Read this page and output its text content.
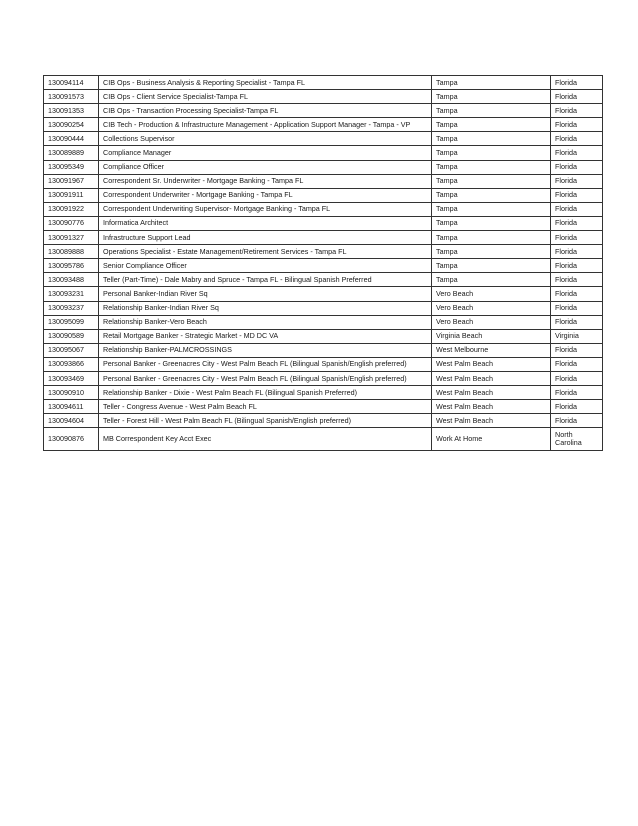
130094114	CIB Ops - Business Analysis & Reporting Specialist - Tampa FL	Tampa		Florida
130091573	CIB Ops - Client Service Specialist-Tampa FL	Tampa		Florida
130091353	CIB Ops - Transaction Processing Specialist-Tampa FL	Tampa		Florida
130090254	CIB Tech - Production & Infrastructure Management - Application Support Manager - Tampa - VP	Tampa		Florida
130090444	Collections Supervisor	Tampa		Florida
130089889	Compliance Manager	Tampa		Florida
130095349	Compliance Officer	Tampa		Florida
130091967	Correspondent Sr. Underwriter - Mortgage Banking - Tampa FL	Tampa		Florida
130091911	Correspondent Underwriter - Mortgage Banking - Tampa FL	Tampa		Florida
130091922	Correspondent Underwriting Supervisor- Mortgage Banking - Tampa FL	Tampa		Florida
130090776	Informatica Architect	Tampa		Florida
130091327	Infrastructure Support Lead	Tampa		Florida
130089888	Operations Specialist - Estate Management/Retirement Services - Tampa FL	Tampa		Florida
130095786	Senior Compliance Officer	Tampa		Florida
130093488	Teller (Part-Time) - Dale Mabry and Spruce - Tampa FL - Bilingual Spanish Preferred	Tampa		Florida
130093231	Personal Banker-Indian River Sq	Vero Beach		Florida
130093237	Relationship Banker-Indian River Sq	Vero Beach		Florida
130095099	Relationship Banker-Vero Beach	Vero Beach		Florida
130090589	Retail Mortgage Banker - Strategic Market - MD DC VA	Virginia Beach		Virginia
130095067	Relationship Banker-PALMCROSSINGS	West Melbourne		Florida
130093866	Personal Banker - Greenacres City - West Palm Beach FL (Bilingual Spanish/English preferred)	West Palm Beach		Florida
130093469	Personal Banker - Greenacres City - West Palm Beach FL (Bilingual Spanish/English preferred)	West Palm Beach		Florida
130090910	Relationship Banker - Dixie - West Palm Beach FL (Bilingual Spanish Preferred)	West Palm Beach		Florida
130094611	Teller - Congress Avenue - West Palm Beach FL	West Palm Beach		Florida
130094604	Teller - Forest Hill - West Palm Beach FL (Bilingual Spanish/English preferred)	West Palm Beach		Florida
130090876	MB Correspondent Key Acct Exec	Work At Home		North Carolina
